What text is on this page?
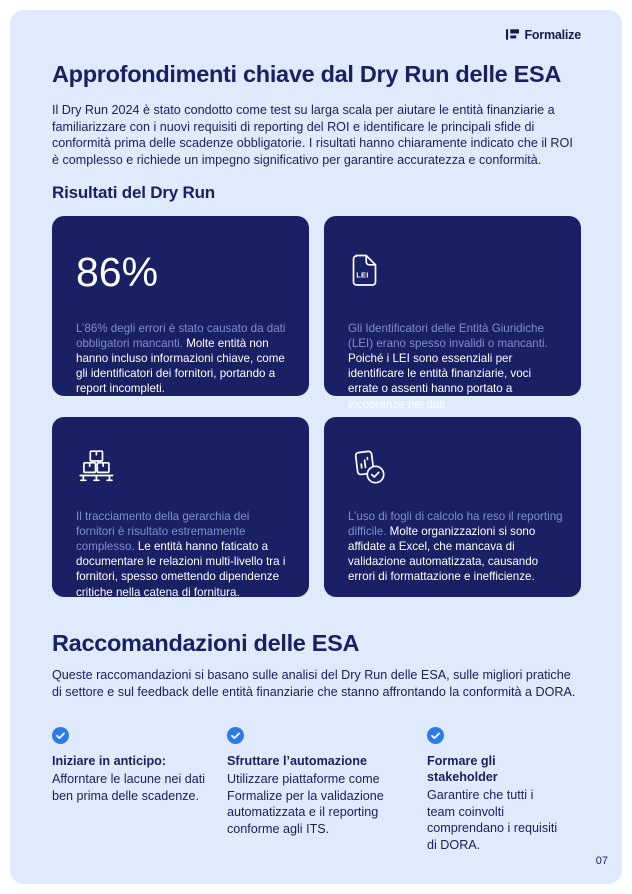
Formalize
Approfondimenti chiave dal Dry Run delle ESA

Il Dry Run 2024 è stato condotto come test su larga scala per aiutare le entità finanziarie a familiarizzare con i nuovi requisiti di reporting del ROI e identificare le principali sfide di conformità prima delle scadenze obbligatorie. I risultati hanno chiaramente indicato che il ROI è complesso e richiede un impegno significativo per garantire accuratezza e conformità.

Risultati del Dry Run
86%

L’86% degli errori è stato causato da dati obbligatori mancanti. Molte entità non hanno incluso informazioni chiave, come gli identificatori dei fornitori, portando a report incompleti.

LEI

Gli Identificatori delle Entità Giuridiche (LEI) erano spesso invalidi o mancanti. Poiché i LEI sono essenziali per identificare le entità finanziarie, voci errate o assenti hanno portato a incoerenze nei dati.

Il tracciamento della gerarchia dei fornitori è risultato estremamente complesso. Le entità hanno faticato a documentare le relazioni multi-livello tra i fornitori, spesso omettendo dipendenze critiche nella catena di fornitura.

L’uso di fogli di calcolo ha reso il reporting difficile. Molte organizzazioni si sono affidate a Excel, che mancava di validazione automatizzata, causando errori di formattazione e inefficienze.

Raccomandazioni delle ESA

Queste raccomandazioni si basano sulle analisi del Dry Run delle ESA, sulle migliori pratiche di settore e sul feedback delle entità finanziarie che stanno affrontando la conformità a DORA.

Iniziare in anticipo:
Afforntare le lacune nei dati ben prima delle scadenze.
Sfruttare l’automazione
Utilizzare piattaforme come Formalize per la validazione automatizzata e il reporting conforme agli ITS.
Formare gli stakeholder
Garantire che tutti i team coinvolti comprendano i requisiti di DORA.
07
